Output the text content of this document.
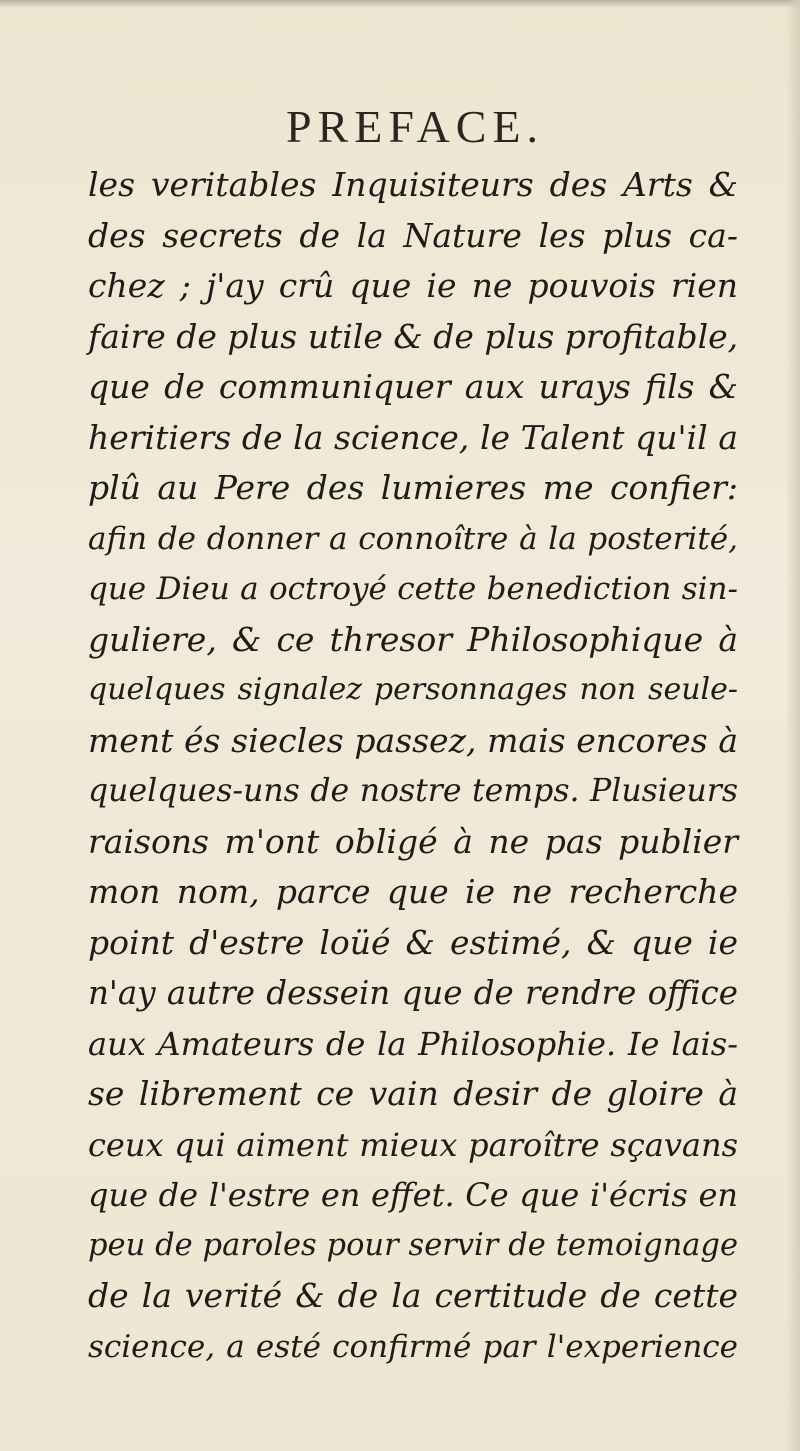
PREFACE.
les veritables Inquisiteurs des Arts &
des secrets de la Nature les plus ca-
chez ; j'ay crû que ie ne pouvois rien
faire de plus utile & de plus profitable,
que de communiquer aux urays fils &
heritiers de la science, le Talent qu'il a
plû au Pere des lumieres me confier:
afin de donner a connoître à la posterité,
que Dieu a octroyé cette benediction sin-
guliere, & ce thresor Philosophique à
quelques signalez personnages non seule-
ment és siecles passez, mais encores à
quelques-uns de nostre temps. Plusieurs
raisons m'ont obligé à ne pas publier
mon nom, parce que ie ne recherche
point d'estre loüé & estimé, & que ie
n'ay autre dessein que de rendre office
aux Amateurs de la Philosophie. Ie lais-
se librement ce vain desir de gloire à
ceux qui aiment mieux paroître sçavans
que de l'estre en effet. Ce que i'écris en
peu de paroles pour servir de temoignage
de la verité & de la certitude de cette
science, a esté confirmé par l'experience
